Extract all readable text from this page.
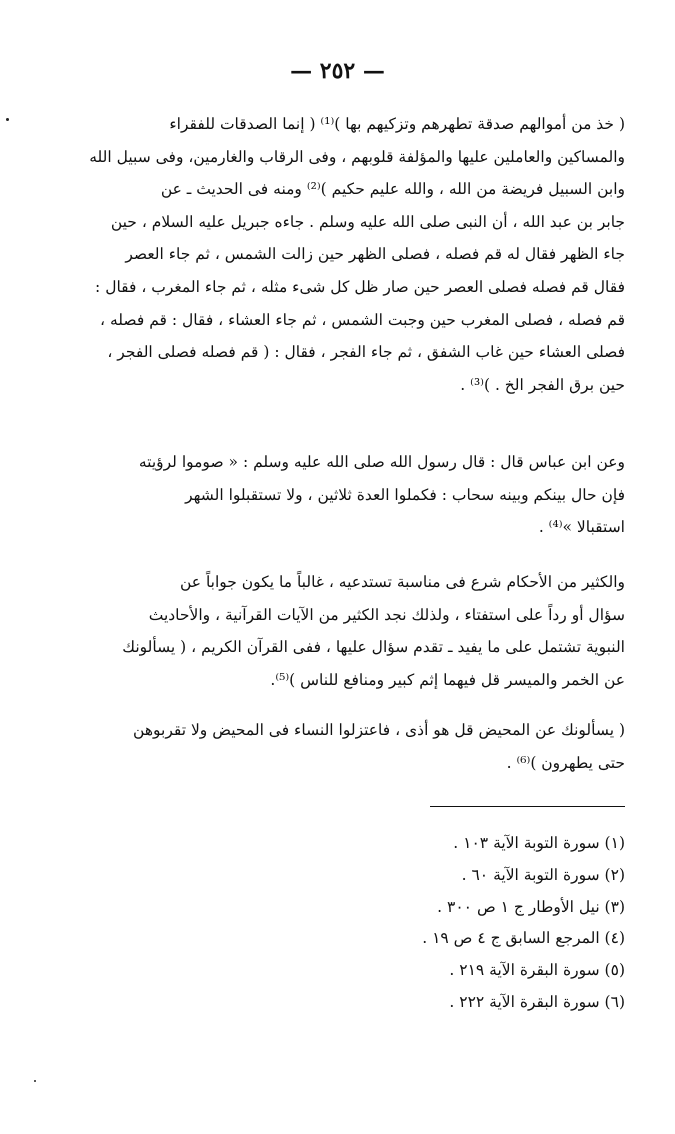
— ٢٥٢ —
( خذ من أموالهم صدقة تطهرهم وتزكيهم بها )⁽¹⁾ ( إنما الصدقات للفقراء
والمساكين والعاملين عليها والمؤلفة قلوبهم ، وفى الرقاب والغارمين، وفى سبيل الله
وابن السبيل فريضة من الله ، والله عليم حكيم )⁽²⁾ ومنه فى الحديث ـ عن
جابر بن عبد الله ، أن النبى صلى الله عليه وسلم . جاءه جبريل عليه السلام ، حين
جاء الظهر فقال له قم فصله ، فصلى الظهر حين زالت الشمس ، ثم جاء العصر
فقال قم فصله فصلى العصر حين صار ظل كل شىء مثله ، ثم جاء المغرب ، فقال :
قم فصله ، فصلى المغرب حين وجبت الشمس ، ثم جاء العشاء ، فقال : قم فصله ،
فصلى العشاء حين غاب الشفق ، ثم جاء الفجر ، فقال : ( قم فصله فصلى الفجر ،
حين برق الفجر الخ . )⁽³⁾ .
وعن ابن عباس قال : قال رسول الله صلى الله عليه وسلم : « صوموا لرؤيته
فإن حال بينكم وبينه سحاب : فكملوا العدة ثلاثين ، ولا تستقبلوا الشهر
استقبالا »⁽⁴⁾ .
والكثير من الأحكام شرع فى مناسبة تستدعيه ، غالباً ما يكون جواباً عن
سؤال أو رداً على استفتاء ، ولذلك نجد الكثير من الآيات القرآنية ، والأحاديث
النبوية تشتمل على ما يفيد ـ تقدم سؤال عليها ، ففى القرآن الكريم ، ( يسألونك
عن الخمر والميسر قل فيهما إثم كبير ومنافع للناس )⁽⁵⁾.
( يسألونك عن المحيض قل هو أذى ، فاعتزلوا النساء فى المحيض ولا تقربوهن
حتى يطهرون )⁽⁶⁾ .
(١) سورة التوبة الآية ١٠٣ .
(٢) سورة التوبة الآية ٦٠ .
(٣) نيل الأوطار ج ١ ص ٣٠٠ .
(٤) المرجع السابق ج ٤ ص ١٩ .
(٥) سورة البقرة الآية ٢١٩ .
(٦) سورة البقرة الآية ٢٢٢ .
